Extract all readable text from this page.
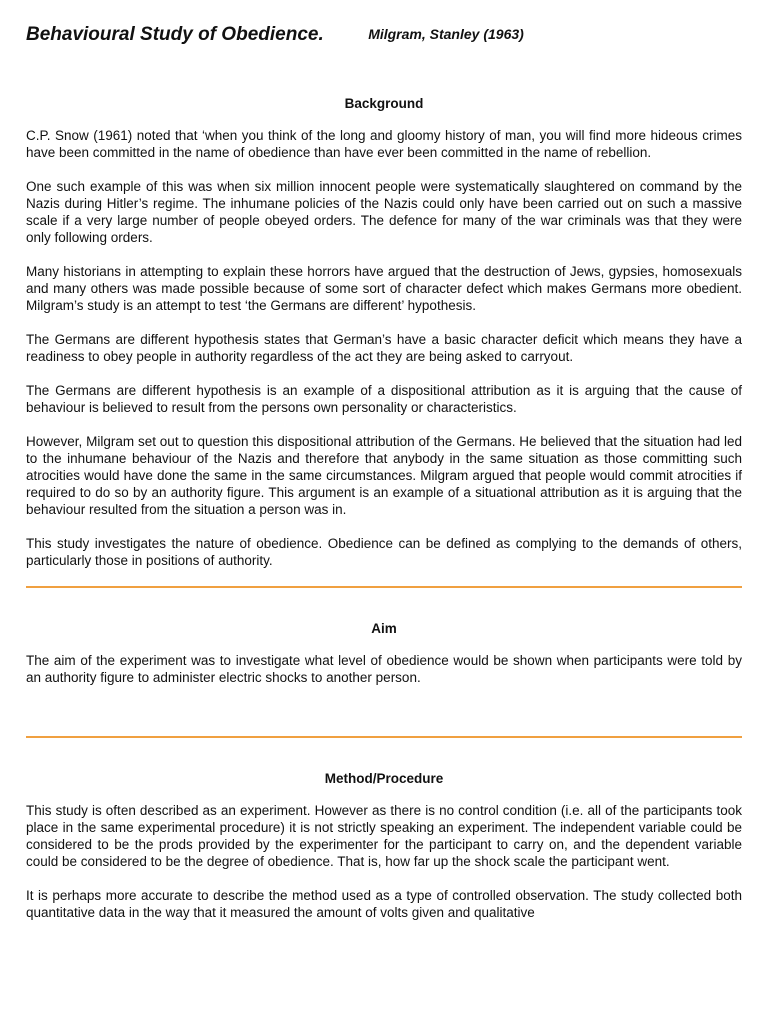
Behavioural Study of Obedience.	Milgram, Stanley (1963)
Background

C.P. Snow (1961) noted that ‘when you think of the long and gloomy history of man, you will find more hideous crimes have been committed in the name of obedience than have ever been committed in the name of rebellion.

One such example of this was when six million innocent people were systematically slaughtered on command by the Nazis during Hitler’s regime. The inhumane policies of the Nazis could only have been carried out on such a massive scale if a very large number of people obeyed orders. The defence for many of the war criminals was that they were only following orders.

Many historians in attempting to explain these horrors have argued that the destruction of Jews, gypsies, homosexuals and many others was made possible because of some sort of character defect which makes Germans more obedient. Milgram’s study is an attempt to test ‘the Germans are different’ hypothesis.

The Germans are different hypothesis states that German’s have a basic character deficit which means they have a readiness to obey people in authority regardless of the act they are being asked to carryout.

The Germans are different hypothesis is an example of a dispositional attribution as it is arguing that the cause of behaviour is believed to result from the persons own personality or characteristics.

However, Milgram set out to question this dispositional attribution of the Germans. He believed that the situation had led to the inhumane behaviour of the Nazis and therefore that anybody in the same situation as those committing such atrocities would have done the same in the same circumstances. Milgram argued that people would commit atrocities if required to do so by an authority figure. This argument is an example of a situational attribution as it is arguing that the behaviour resulted from the situation a person was in.

This study investigates the nature of obedience. Obedience can be defined as complying to the demands of others, particularly those in positions of authority.

Aim

The aim of the experiment was to investigate what level of obedience would be shown when participants were told by an authority figure to administer electric shocks to another person.

Method/Procedure

This study is often described as an experiment. However as there is no control condition (i.e. all of the participants took place in the same experimental procedure) it is not strictly speaking an experiment. The independent variable could be considered to be the prods provided by the experimenter for the participant to carry on, and the dependent variable could be considered to be the degree of obedience. That is, how far up the shock scale the participant went.

It is perhaps more accurate to describe the method used as a type of controlled observation. The study collected both quantitative data in the way that it measured the amount of volts given and qualitative
